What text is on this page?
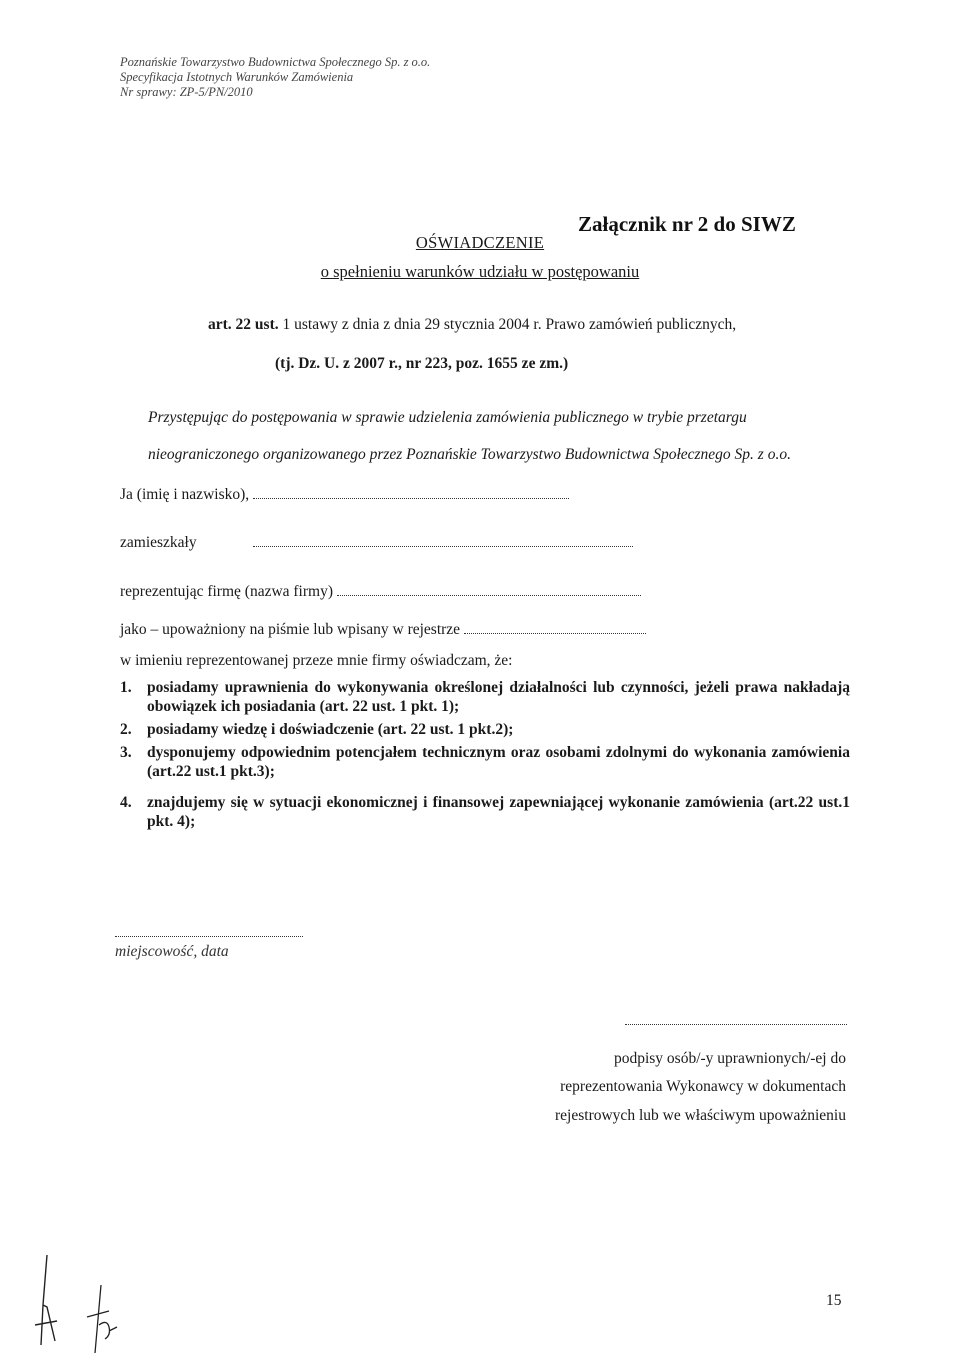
Poznańskie Towarzystwo Budownictwa Społecznego Sp. z o.o.
Specyfikacja Istotnych Warunków Zamówienia
Nr sprawy: ZP-5/PN/2010
Załącznik nr 2 do SIWZ
OŚWIADCZENIE
o spełnieniu warunków udziału w postępowaniu
art. 22 ust. 1 ustawy z dnia z dnia 29 stycznia 2004 r. Prawo zamówień publicznych,
(tj. Dz. U. z 2007 r., nr 223, poz. 1655 ze zm.)
Przystępując do postępowania w sprawie udzielenia zamówienia publicznego w trybie przetargu
nieograniczonego organizowanego przez Poznańskie Towarzystwo Budownictwa Społecznego Sp. z o.o.
Ja (imię i nazwisko),
zamieszkały
reprezentując firmę (nazwa firmy)
jako – upoważniony na piśmie lub wpisany w rejestrze
w imieniu reprezentowanej przeze mnie firmy oświadczam, że:
1. posiadamy uprawnienia do wykonywania określonej działalności lub czynności, jeżeli prawa nakładają obowiązek ich posiadania (art. 22 ust. 1 pkt. 1);
2. posiadamy wiedzę i doświadczenie (art. 22 ust. 1 pkt.2);
3. dysponujemy odpowiednim potencjałem technicznym oraz osobami zdolnymi do wykonania zamówienia (art.22 ust.1 pkt.3);
4. znajdujemy się w sytuacji ekonomicznej i finansowej zapewniającej wykonanie zamówienia (art.22 ust.1 pkt. 4);
miejscowość, data
podpisy osób/-y uprawnionych/-ej do
reprezentowania Wykonawcy w dokumentach
rejestrowych lub we właściwym upoważnieniu
15
